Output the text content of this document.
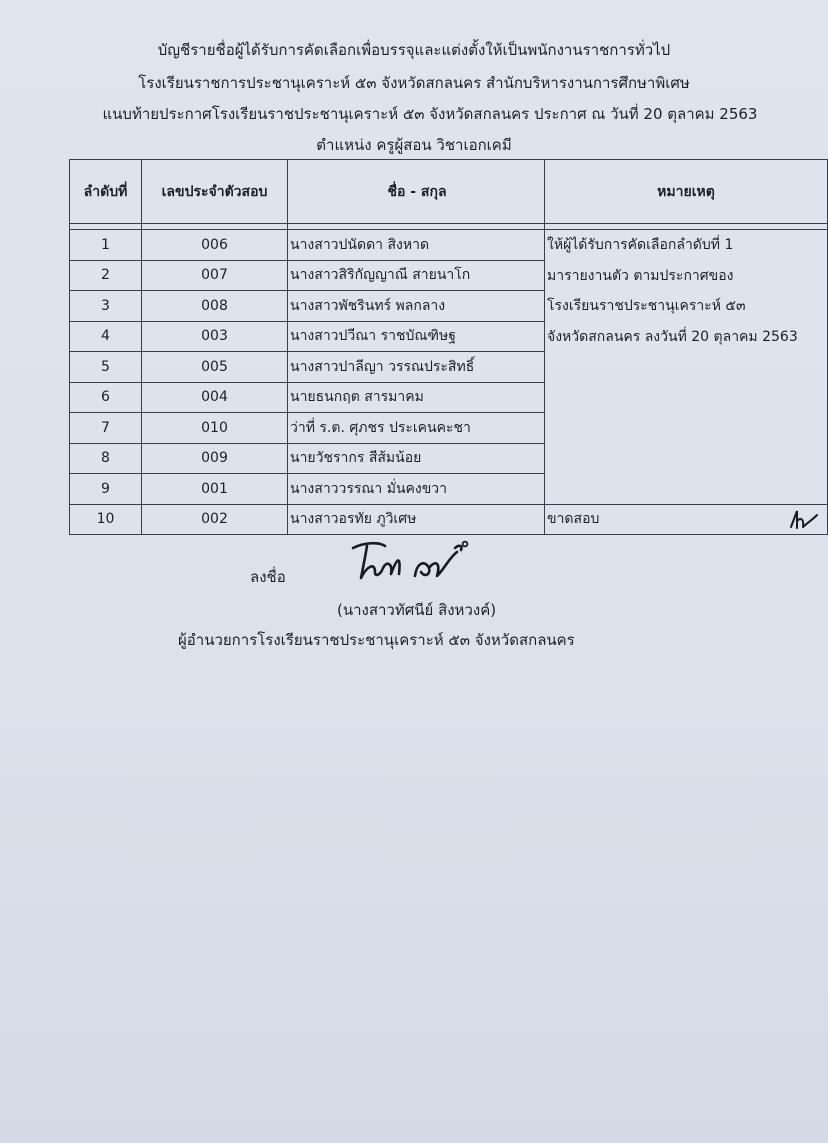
บัญชีรายชื่อผู้ได้รับการคัดเลือกเพื่อบรรจุและแต่งตั้งให้เป็นพนักงานราชการทั่วไป
โรงเรียนราชการประชานุเคราะห์ ๕๓ จังหวัดสกลนคร สำนักบริหารงานการศึกษาพิเศษ
แนบท้ายประกาศโรงเรียนราชประชานุเคราะห์ ๕๓ จังหวัดสกลนคร ประกาศ ณ วันที่ 20 ตุลาคม 2563
ตำแหน่ง ครูผู้สอน วิชาเอกเคมี
ลำดับที่	เลขประจำตัวสอบ	ชื่อ - สกุล	หมายเหตุ

1	006	นางสาวปนัดดา สิงหาด	ให้ผู้ได้รับการคัดเลือกลำดับที่ 1
มารายงานตัว ตามประกาศของ
โรงเรียนราชประชานุเคราะห์ ๕๓
จังหวัดสกลนคร ลงวันที่ 20 ตุลาคม 2563

2	007	นางสาวสิริกัญญาณี สายนาโก	
3	008	นางสาวพัชรินทร์ พลกลาง	
4	003	นางสาวปวีณา ราชบัณฑิษฐ	
5	005	นางสาวปาลีญา วรรณประสิทธิ์	
6	004	นายธนกฤต สารมาคม	
7	010	ว่าที่ ร.ต. ศุภชร ประเคนคะชา	
8	009	นายวัชรากร สีส้มน้อย	
9	001	นางสาววรรณา มั่นคงขวา	
10	002	นางสาวอรทัย ภูวิเศษ	ขาดสอบ
ลงชื่อ
(นางสาวทัศนีย์ สิงหวงค์)
ผู้อำนวยการโรงเรียนราชประชานุเคราะห์ ๕๓ จังหวัดสกลนคร
